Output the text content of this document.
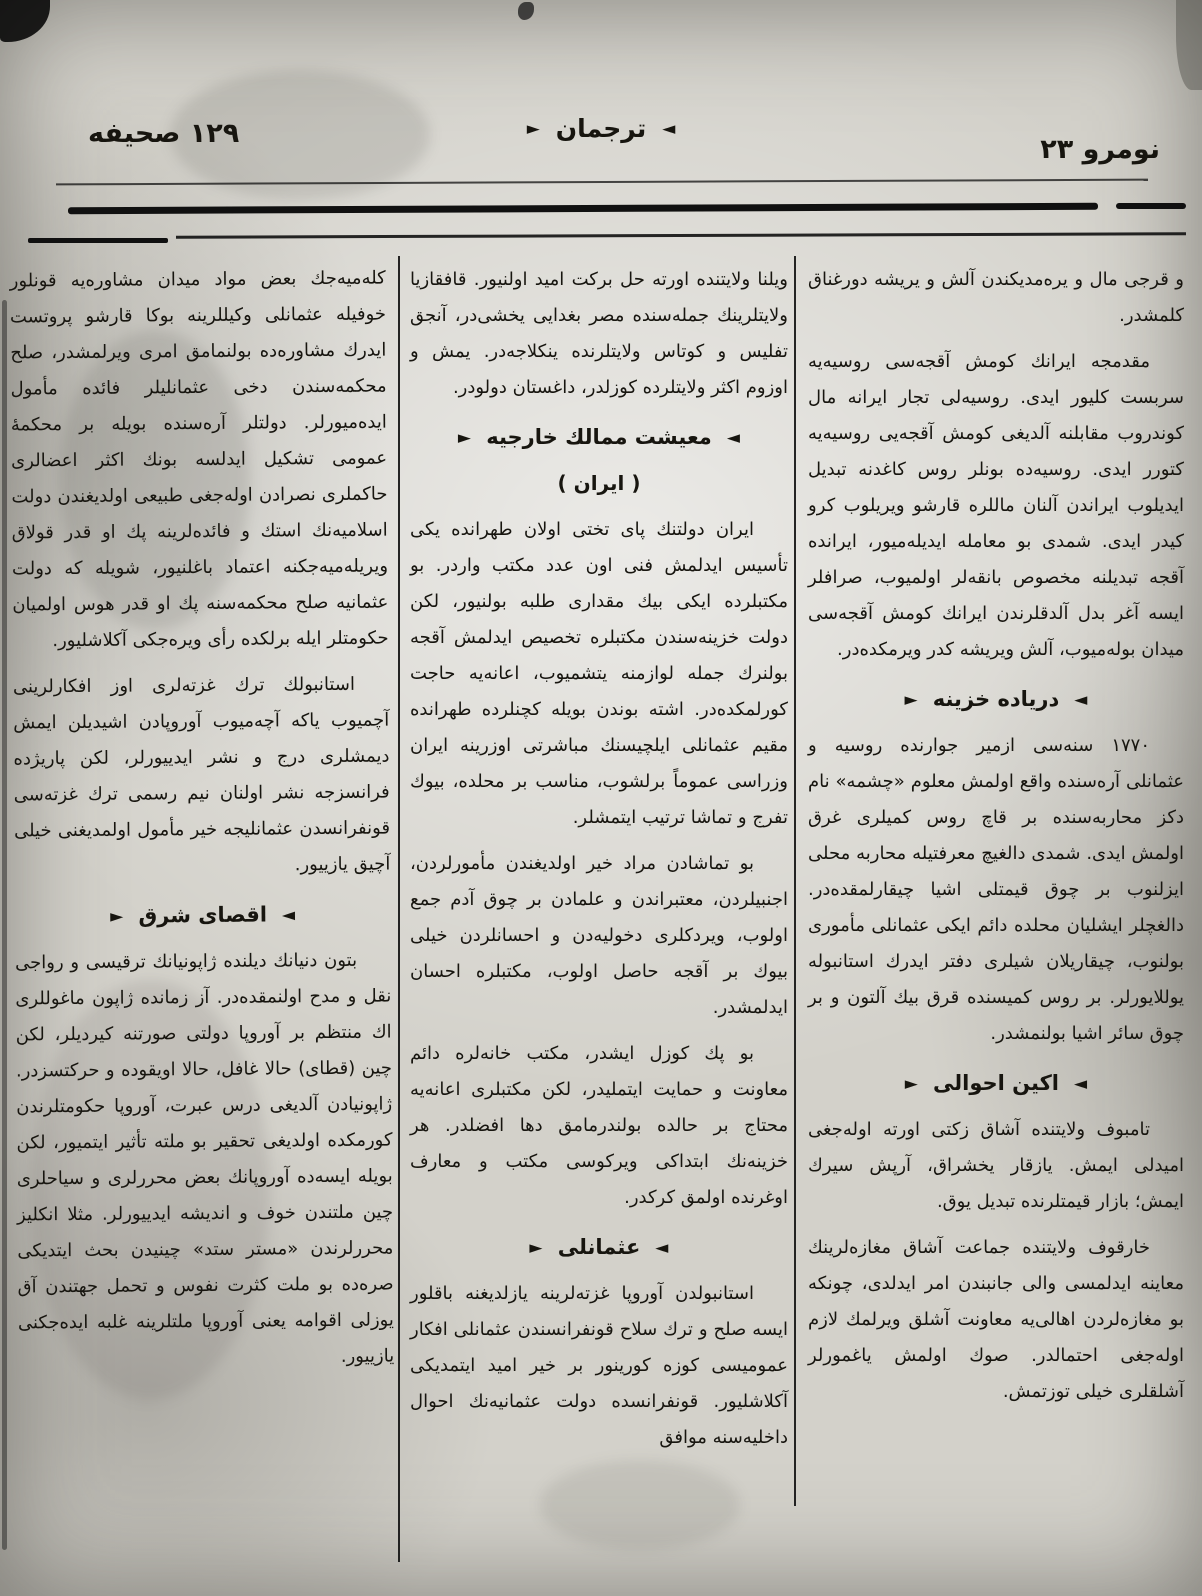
نومرو ٢٣
◄
ترجمان
►
١٢٩ صحيفه

و قرجى مال و يره‌مديكندن آلش و يريشه دورغناق كلمشدر.

مقدمجه ايرانك كومش آقجه‌سى روسيه‌يه سربست كليور ايدى. روسيه‌لى تجار ايرانه مال كوندروب مقابلنه آلديغى كومش آقجه‌يى روسيه‌يه كتورر ايدى. روسيه‌ده بونلر روس كاغدنه تبديل ايديلوب ايراندن آلنان ماللره قارشو ويريلوب كرو كيدر ايدى. شمدى بو معامله ايديله‌ميور، ايرانده آقجه تبديلنه مخصوص بانقه‌لر اولميوب، صرافلر ايسه آغر بدل آلدقلرندن ايرانك كومش آقجه‌سى ميدان بوله‌ميوب، آلش ويريشه كدر ويرمكده‌در.

◄
درياده خزينه
►

١٧٧٠ سنه‌سى ازمير جوارنده روسيه و عثمانلى آره‌سنده واقع اولمش معلوم «چشمه» نام دكز محاربه‌سنده بر قاچ روس كميلرى غرق اولمش ايدى. شمدى دالغيچ معرفتيله محاربه محلى ايزلنوب بر چوق قيمتلى اشيا چيقارلمقده‌در. دالغچلر ايشليان محلده دائم ايكى عثمانلى مأمورى بولنوب، چيقاريلان شيلرى دفتر ايدرك استانبوله يوللايورلر. بر روس كميسنده قرق بيك آلتون و بر چوق سائر اشيا بولنمشدر.

◄
اكين احوالى
►

تامبوف ولايتنده آشاق زكتى اورته اوله‌جغى اميدلى ايمش. يازقار يخشراق، آرپش سيرك ايمش؛ بازار قيمتلرنده تبديل يوق.

خارقوف ولايتنده جماعت آشاق مغازه‌لرينك معاينه ايدلمسى والى جانبندن امر ايدلدى، چونكه بو مغازه‌لردن اهالى‌يه معاونت آشلق ويرلمك لازم اوله‌جغى احتمالدر. صوك اولمش ياغمورلر آشلقلرى خيلى توزتمش.

ويلنا ولايتنده اورته حل بركت اميد اولنيور. قافقازيا ولايتلرينك جمله‌سنده مصر بغدايى يخشى‌در، آنجق تفليس و كوتاس ولايتلرنده ينكلاجه‌در. يمش و اوزوم اكثر ولايتلرده كوزلدر، داغستان دولودر.

◄
معيشت ممالك خارجيه
►
( ايران )

ايران دولتنك پاى تختى اولان طهرانده يكى تأسيس ايدلمش فنى اون عدد مكتب واردر. بو مكتبلرده ايكى بيك مقدارى طلبه بولنيور، لكن دولت خزينه‌سندن مكتبلره تخصيص ايدلمش آقجه بولنرك جمله لوازمنه يتشميوب، اعانه‌يه حاجت كورلمكده‌در. اشته بوندن بويله كچنلرده طهرانده مقيم عثمانلى ايلچيسنك مباشرتى اوزرينه ايران وزراسى عموماً برلشوب، مناسب بر محلده، بيوك تفرج و تماشا ترتيب ايتمشلر.

بو تماشادن مراد خير اولديغندن مأمورلردن، اجنبيلردن، معتبراندن و علمادن بر چوق آدم جمع اولوب، ويردكلرى دخوليه‌دن و احسانلردن خيلى بيوك بر آقجه حاصل اولوب، مكتبلره احسان ايدلمشدر.

بو پك كوزل ايشدر، مكتب خانه‌لره دائم معاونت و حمايت ايتمليدر، لكن مكتبلرى اعانه‌يه محتاج بر حالده بولندرمامق دها افضلدر. هر خزينه‌نك ابتداكى ويركوسى مكتب و معارف اوغرنده اولمق كركدر.

◄
عثمانلى
►

استانبولدن آوروپا غزته‌لرينه يازلديغنه باقلور ايسه صلح و ترك سلاح قونفرانسندن عثمانلى افكار عموميسى كوزه كورينور بر خير اميد ايتمديكى آكلاشليور. قونفرانسده دولت عثمانيه‌نك احوال داخليه‌سنه موافق

كله‌ميه‌جك بعض مواد ميدان مشاوره‌يه قونلور خوفيله عثمانلى وكيللرينه بوكا قارشو پروتست ايدرك مشاوره‌ده بولنمامق امرى ويرلمشدر، صلح محكمه‌سندن دخى عثمانليلر فائده مأمول ايده‌ميورلر. دولتلر آره‌سنده بويله بر محكمهٔ عمومى تشكيل ايدلسه بونك اكثر اعضالرى حاكملرى نصرادن اوله‌جغى طبيعى اولديغندن دولت اسلاميه‌نك استك و فائده‌لرينه پك او قدر قولاق ويريله‌ميه‌جكنه اعتماد باغلنيور، شويله كه دولت عثمانيه صلح محكمه‌سنه پك او قدر هوس اولميان حكومتلر ايله برلكده رأى ويره‌جكى آكلاشليور.

استانبولك ترك غزته‌لرى اوز افكارلرينى آچميوب ياكه آچه‌ميوب آوروپادن اشيديلن ايمش ديمشلرى درج و نشر ايدييورلر، لكن پاريژده فرانسزجه نشر اولنان نيم رسمى ترك غزته‌سى قونفرانسدن عثمانليجه خير مأمول اولمديغنى خيلى آچيق يازييور.

◄
اقصاى شرق
►

بتون دنيانك ديلنده ژاپونيانك ترقيسى و رواجى نقل و مدح اولنمقده‌در. آز زمانده ژاپون ماغوللرى اك منتظم بر آوروپا دولتى صورتنه كيرديلر، لكن چين (قطاى) حالا غافل، حالا اويقوده و حركتسزدر. ژاپونيادن آلديغى درس عبرت، آوروپا حكومتلرندن كورمكده اولديغى تحقير بو ملته تأثير ايتميور، لكن بويله ايسه‌ده آوروپانك بعض محررلرى و سياحلرى چين ملتندن خوف و انديشه ايدييورلر. مثلا انكليز محررلرندن «مستر ستد» چينيدن بحث ايتديكى صره‌ده بو ملت كثرت نفوس و تحمل جهتندن آق يوزلى اقوامه يعنى آوروپا ملتلرينه غلبه ايده‌جكنى يازييور.
